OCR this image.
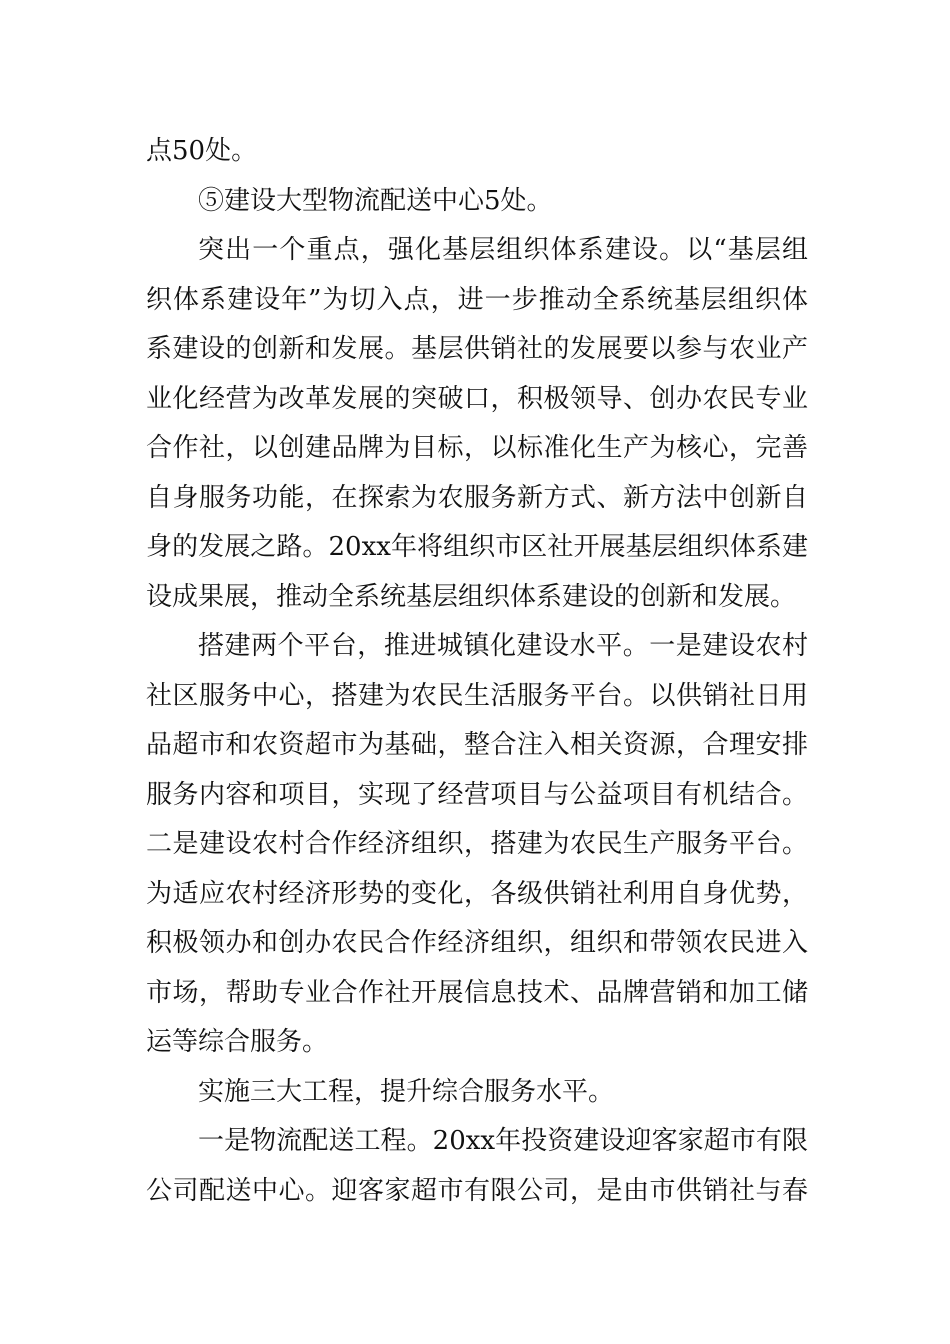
点50处。
⑤建设大型物流配送中心5处。
突出一个重点，强化基层组织体系建设。以“基层组
织体系建设年”为切入点，进一步推动全系统基层组织体
系建设的创新和发展。基层供销社的发展要以参与农业产
业化经营为改革发展的突破口，积极领导、创办农民专业
合作社，以创建品牌为目标，以标准化生产为核心，完善
自身服务功能，在探索为农服务新方式、新方法中创新自
身的发展之路。20xx年将组织市区社开展基层组织体系建
设成果展，推动全系统基层组织体系建设的创新和发展。
搭建两个平台，推进城镇化建设水平。一是建设农村
社区服务中心，搭建为农民生活服务平台。以供销社日用
品超市和农资超市为基础，整合注入相关资源，合理安排
服务内容和项目，实现了经营项目与公益项目有机结合。
二是建设农村合作经济组织，搭建为农民生产服务平台。
为适应农村经济形势的变化，各级供销社利用自身优势，
积极领办和创办农民合作经济组织，组织和带领农民进入
市场，帮助专业合作社开展信息技术、品牌营销和加工储
运等综合服务。
实施三大工程，提升综合服务水平。
一是物流配送工程。20xx年投资建设迎客家超市有限
公司配送中心。迎客家超市有限公司，是由市供销社与春
